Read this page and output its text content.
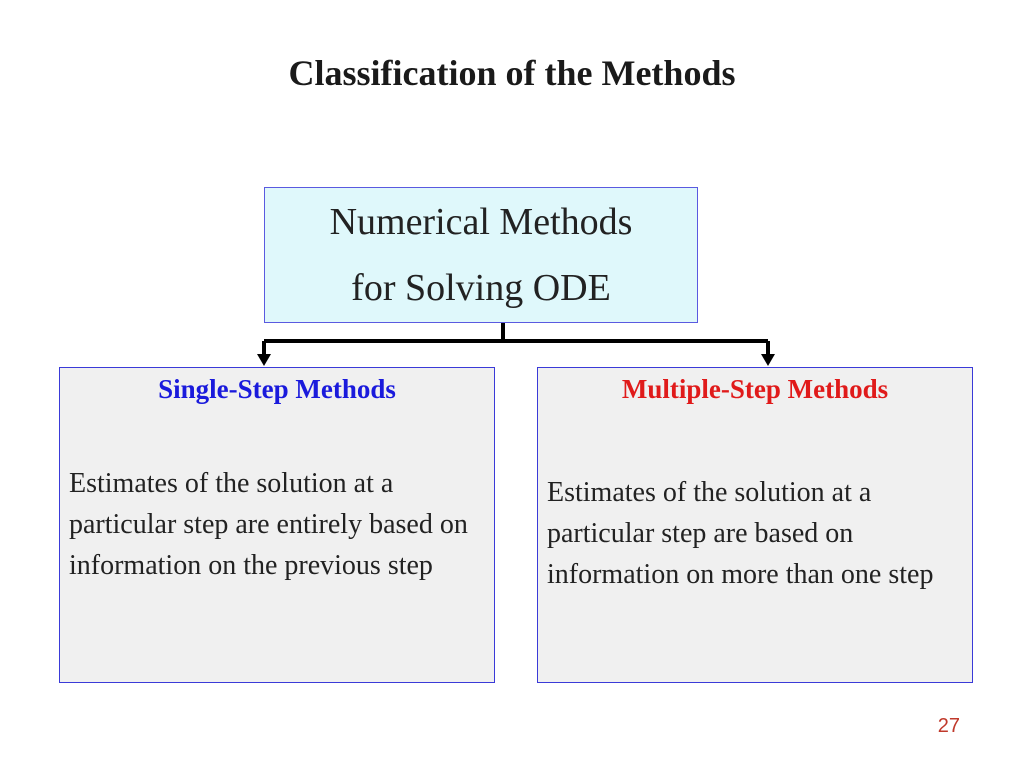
Classification of the Methods
Numerical Methods
for Solving ODE
Single-Step Methods
Estimates of the solution at a particular step are entirely based on information on the previous step
Multiple-Step Methods
Estimates of the solution at a particular step are based on information on more than one step
27
